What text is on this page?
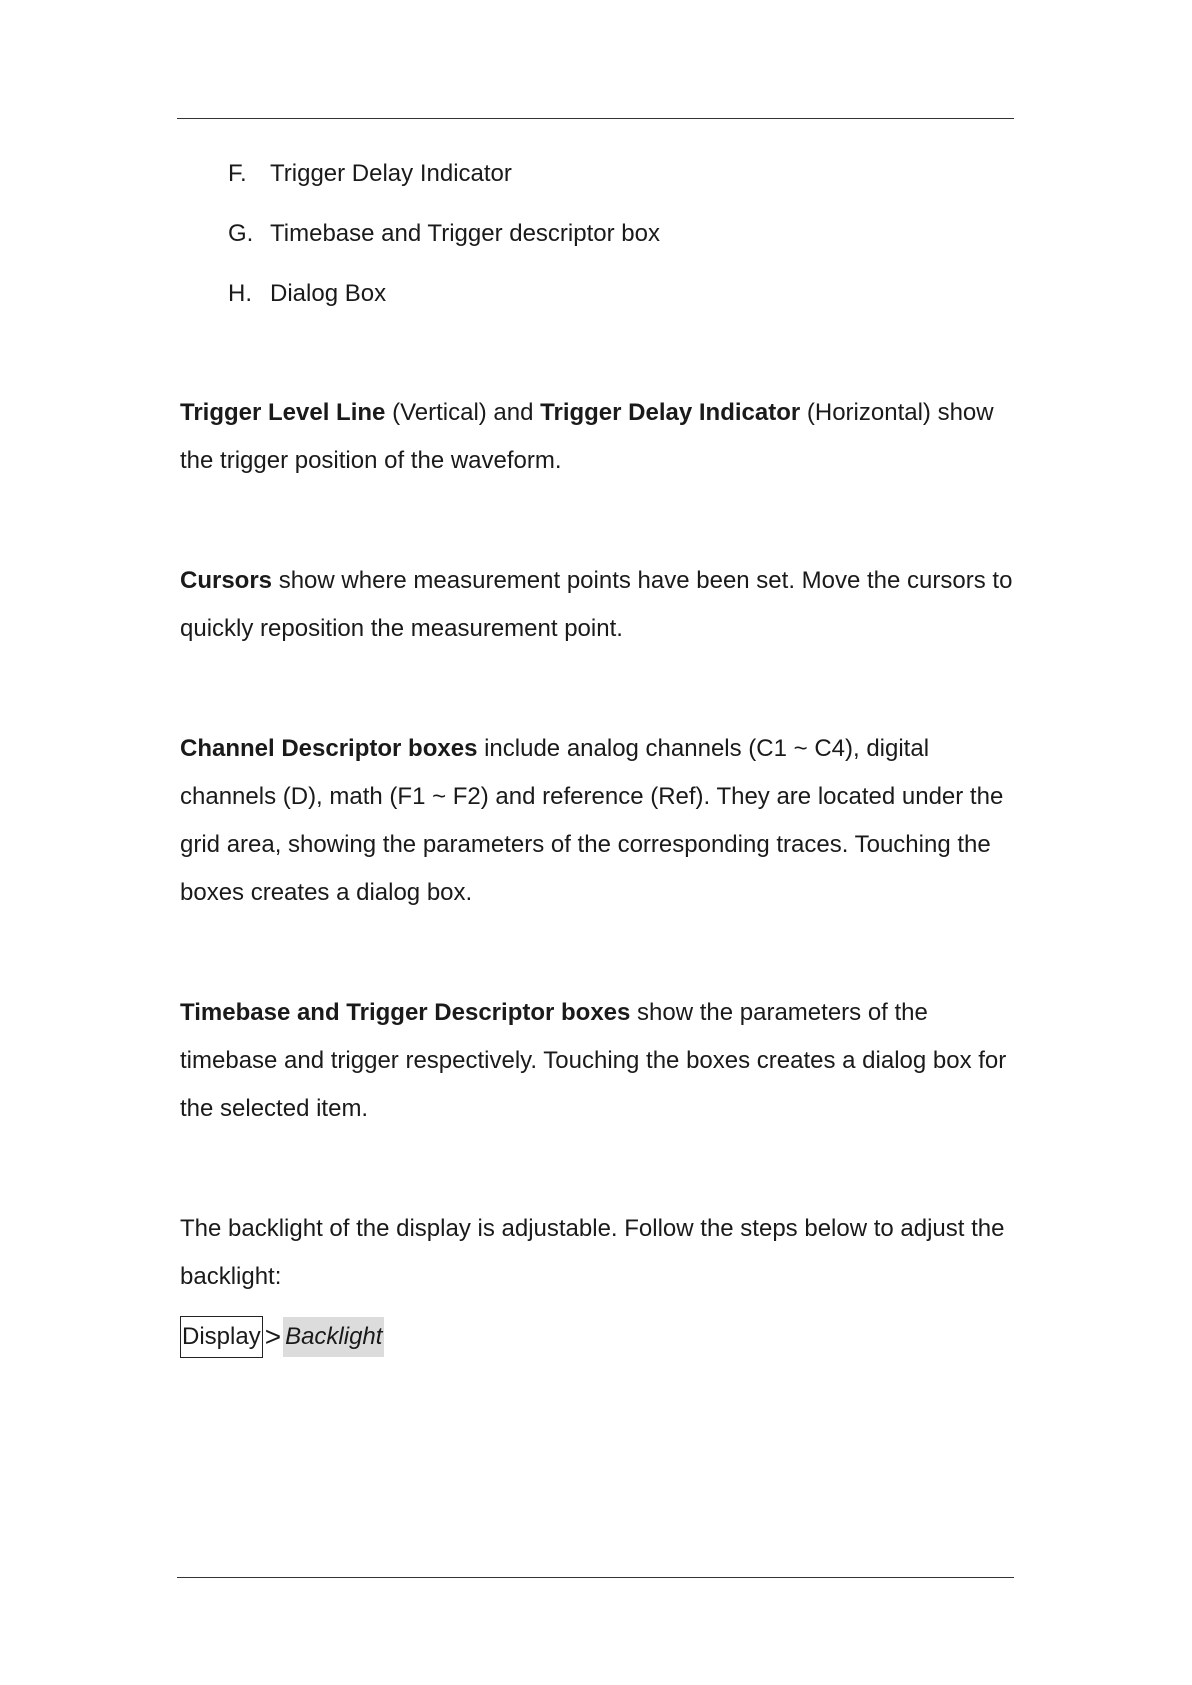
F. Trigger Delay Indicator
G. Timebase and Trigger descriptor box
H. Dialog Box

Trigger Level Line (Vertical) and Trigger Delay Indicator (Horizontal) show the trigger position of the waveform.

Cursors show where measurement points have been set. Move the cursors to quickly reposition the measurement point.

Channel Descriptor boxes include analog channels (C1 ~ C4), digital channels (D), math (F1 ~ F2) and reference (Ref). They are located under the grid area, showing the parameters of the corresponding traces. Touching the boxes creates a dialog box.

Timebase and Trigger Descriptor boxes show the parameters of the timebase and trigger respectively. Touching the boxes creates a dialog box for the selected item.

The backlight of the display is adjustable. Follow the steps below to adjust the backlight:

Display > Backlight
